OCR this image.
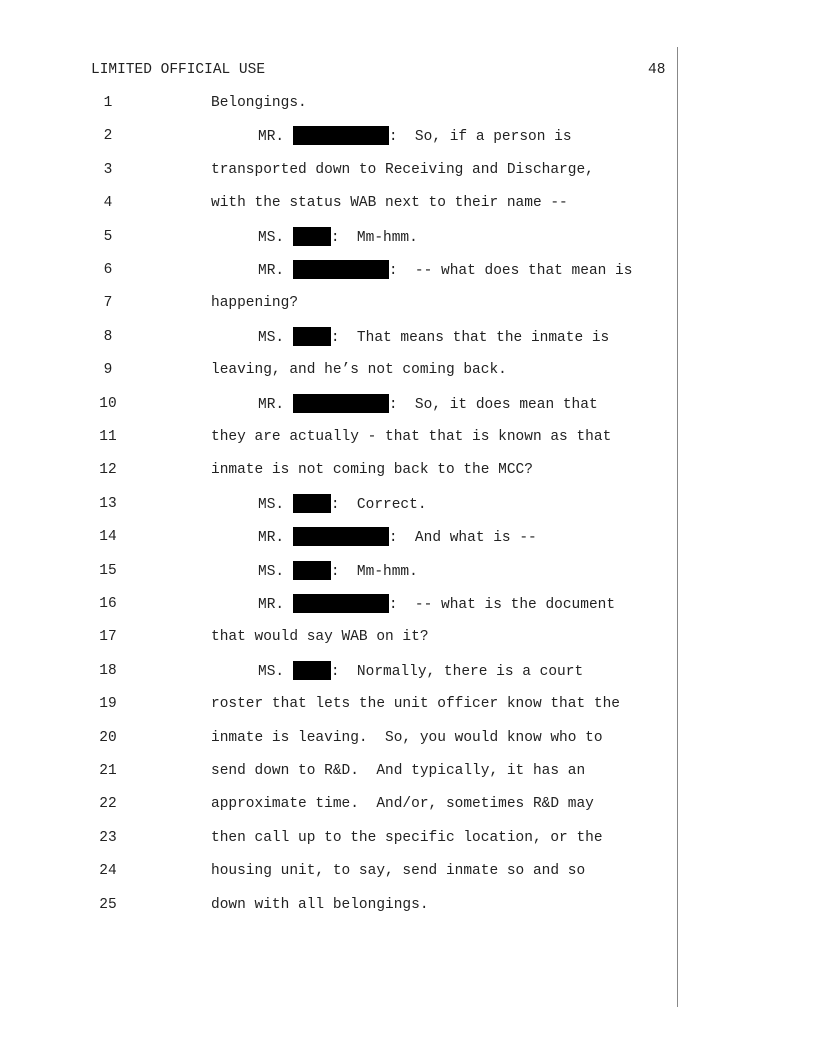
LIMITED OFFICIAL USE	48
1	Belongings.
2	MR.	:  So, if a person is
3	transported down to Receiving and Discharge,
4	with the status WAB next to their name --
5	MS.	:  Mm-hmm.
6	MR.	:  -- what does that mean is
7	happening?
8	MS.	:  That means that the inmate is
9	leaving, and he’s not coming back.
10	MR.	:  So, it does mean that
11	they are actually - that that is known as that
12	inmate is not coming back to the MCC?
13	MS.	:  Correct.
14	MR.	:  And what is --
15	MS.	:  Mm-hmm.
16	MR.	:  -- what is the document
17	that would say WAB on it?
18	MS.	:  Normally, there is a court
19	roster that lets the unit officer know that the
20	inmate is leaving.  So, you would know who to
21	send down to R&D.  And typically, it has an
22	approximate time.  And/or, sometimes R&D may
23	then call up to the specific location, or the
24	housing unit, to say, send inmate so and so
25	down with all belongings.
